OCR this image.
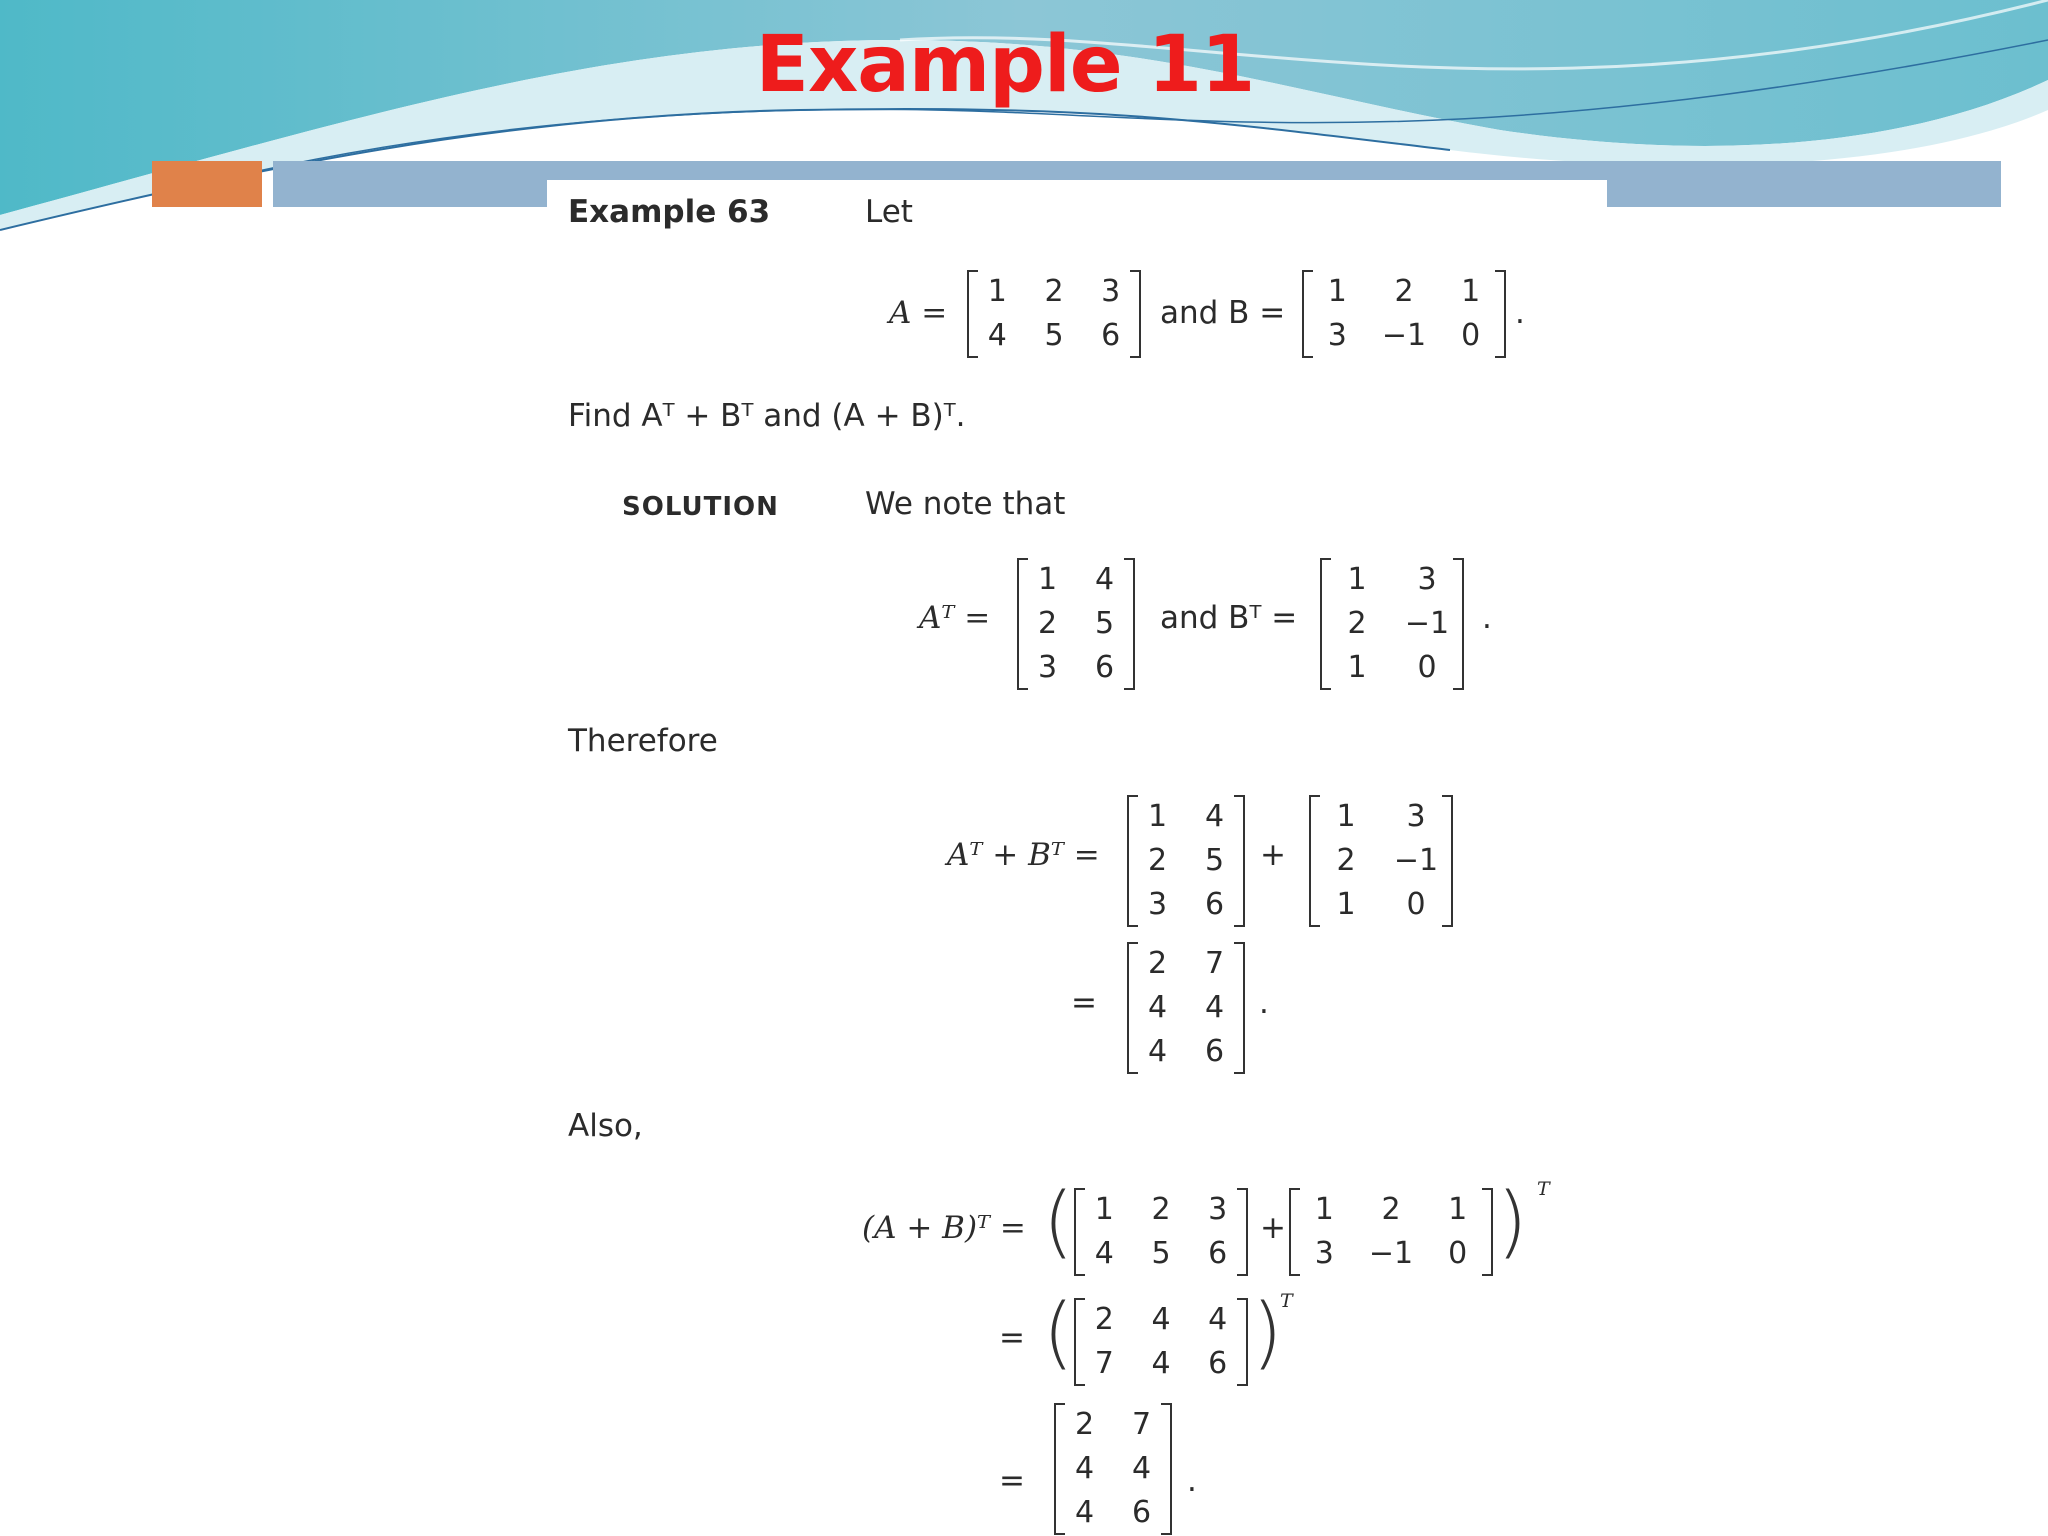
Example 11
Example 63	Let
A =
1 2 3
4 5 6
and B =
1 2 1
3 −1 0
.
Find Aᵀ + Bᵀ and (A + B)ᵀ.
SOLUTION	We note that
Aᵀ =
1 4
2 5
3 6
and Bᵀ =
1 3
2 −1
1 0
.
Therefore
Aᵀ + Bᵀ =
1 4
2 5
3 6
+
1 3
2 −1
1 0
=
2 7
4 4
4 6
.
Also,
(A + B)ᵀ = ( 1 2 3
4 5 6
+
1 2 1
3 −1 0 ) T
= ( 2 4 4
7 4 6 )
T
=
2 7
4 4
4 6
.
